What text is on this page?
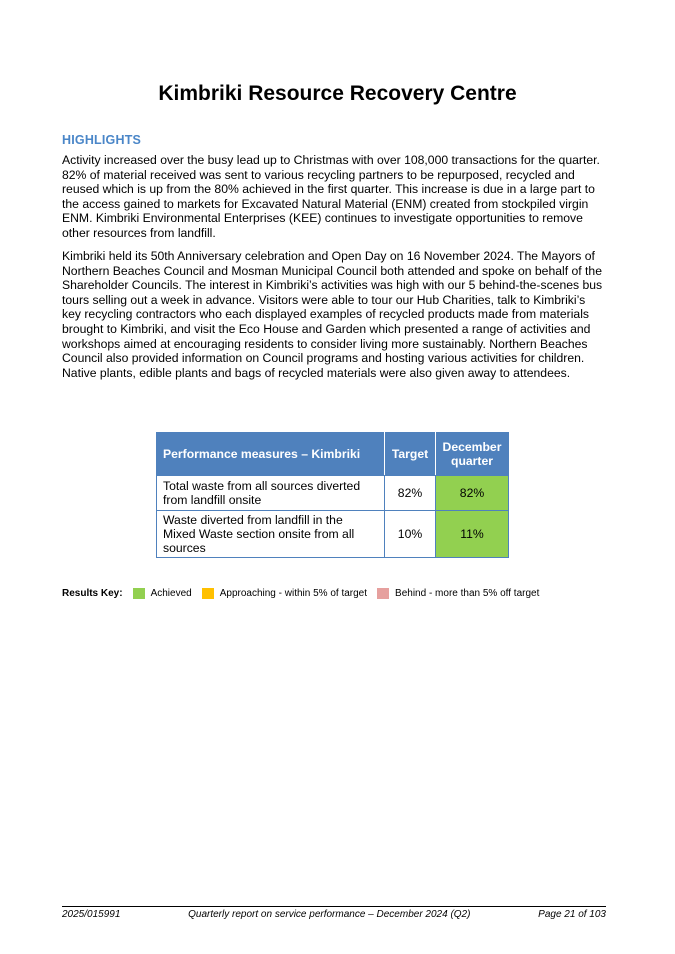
Kimbriki Resource Recovery Centre
HIGHLIGHTS

Activity increased over the busy lead up to Christmas with over 108,000 transactions for the quarter. 82% of material received was sent to various recycling partners to be repurposed, recycled and reused which is up from the 80% achieved in the first quarter. This increase is due in a large part to the access gained to markets for Excavated Natural Material (ENM) created from stockpiled virgin ENM. Kimbriki Environmental Enterprises (KEE) continues to investigate opportunities to remove other resources from landfill.

Kimbriki held its 50th Anniversary celebration and Open Day on 16 November 2024. The Mayors of Northern Beaches Council and Mosman Municipal Council both attended and spoke on behalf of the Shareholder Councils. The interest in Kimbriki’s activities was high with our 5 behind-the-scenes bus tours selling out a week in advance. Visitors were able to tour our Hub Charities, talk to Kimbriki’s key recycling contractors who each displayed examples of recycled products made from materials brought to Kimbriki, and visit the Eco House and Garden which presented a range of activities and workshops aimed at encouraging residents to consider living more sustainably. Northern Beaches Council also provided information on Council programs and hosting various activities for children. Native plants, edible plants and bags of recycled materials were also given away to attendees.

Performance measures – Kimbriki	Target	December quarter
Total waste from all sources diverted from landfill onsite	82%	82%
Waste diverted from landfill in the Mixed Waste section onsite from all sources	10%	11%
Results Key:	Achieved	Approaching - within 5% of target	Behind - more than 5% off target
2025/015991	Quarterly report on service performance – December 2024 (Q2)	Page 21 of 103
